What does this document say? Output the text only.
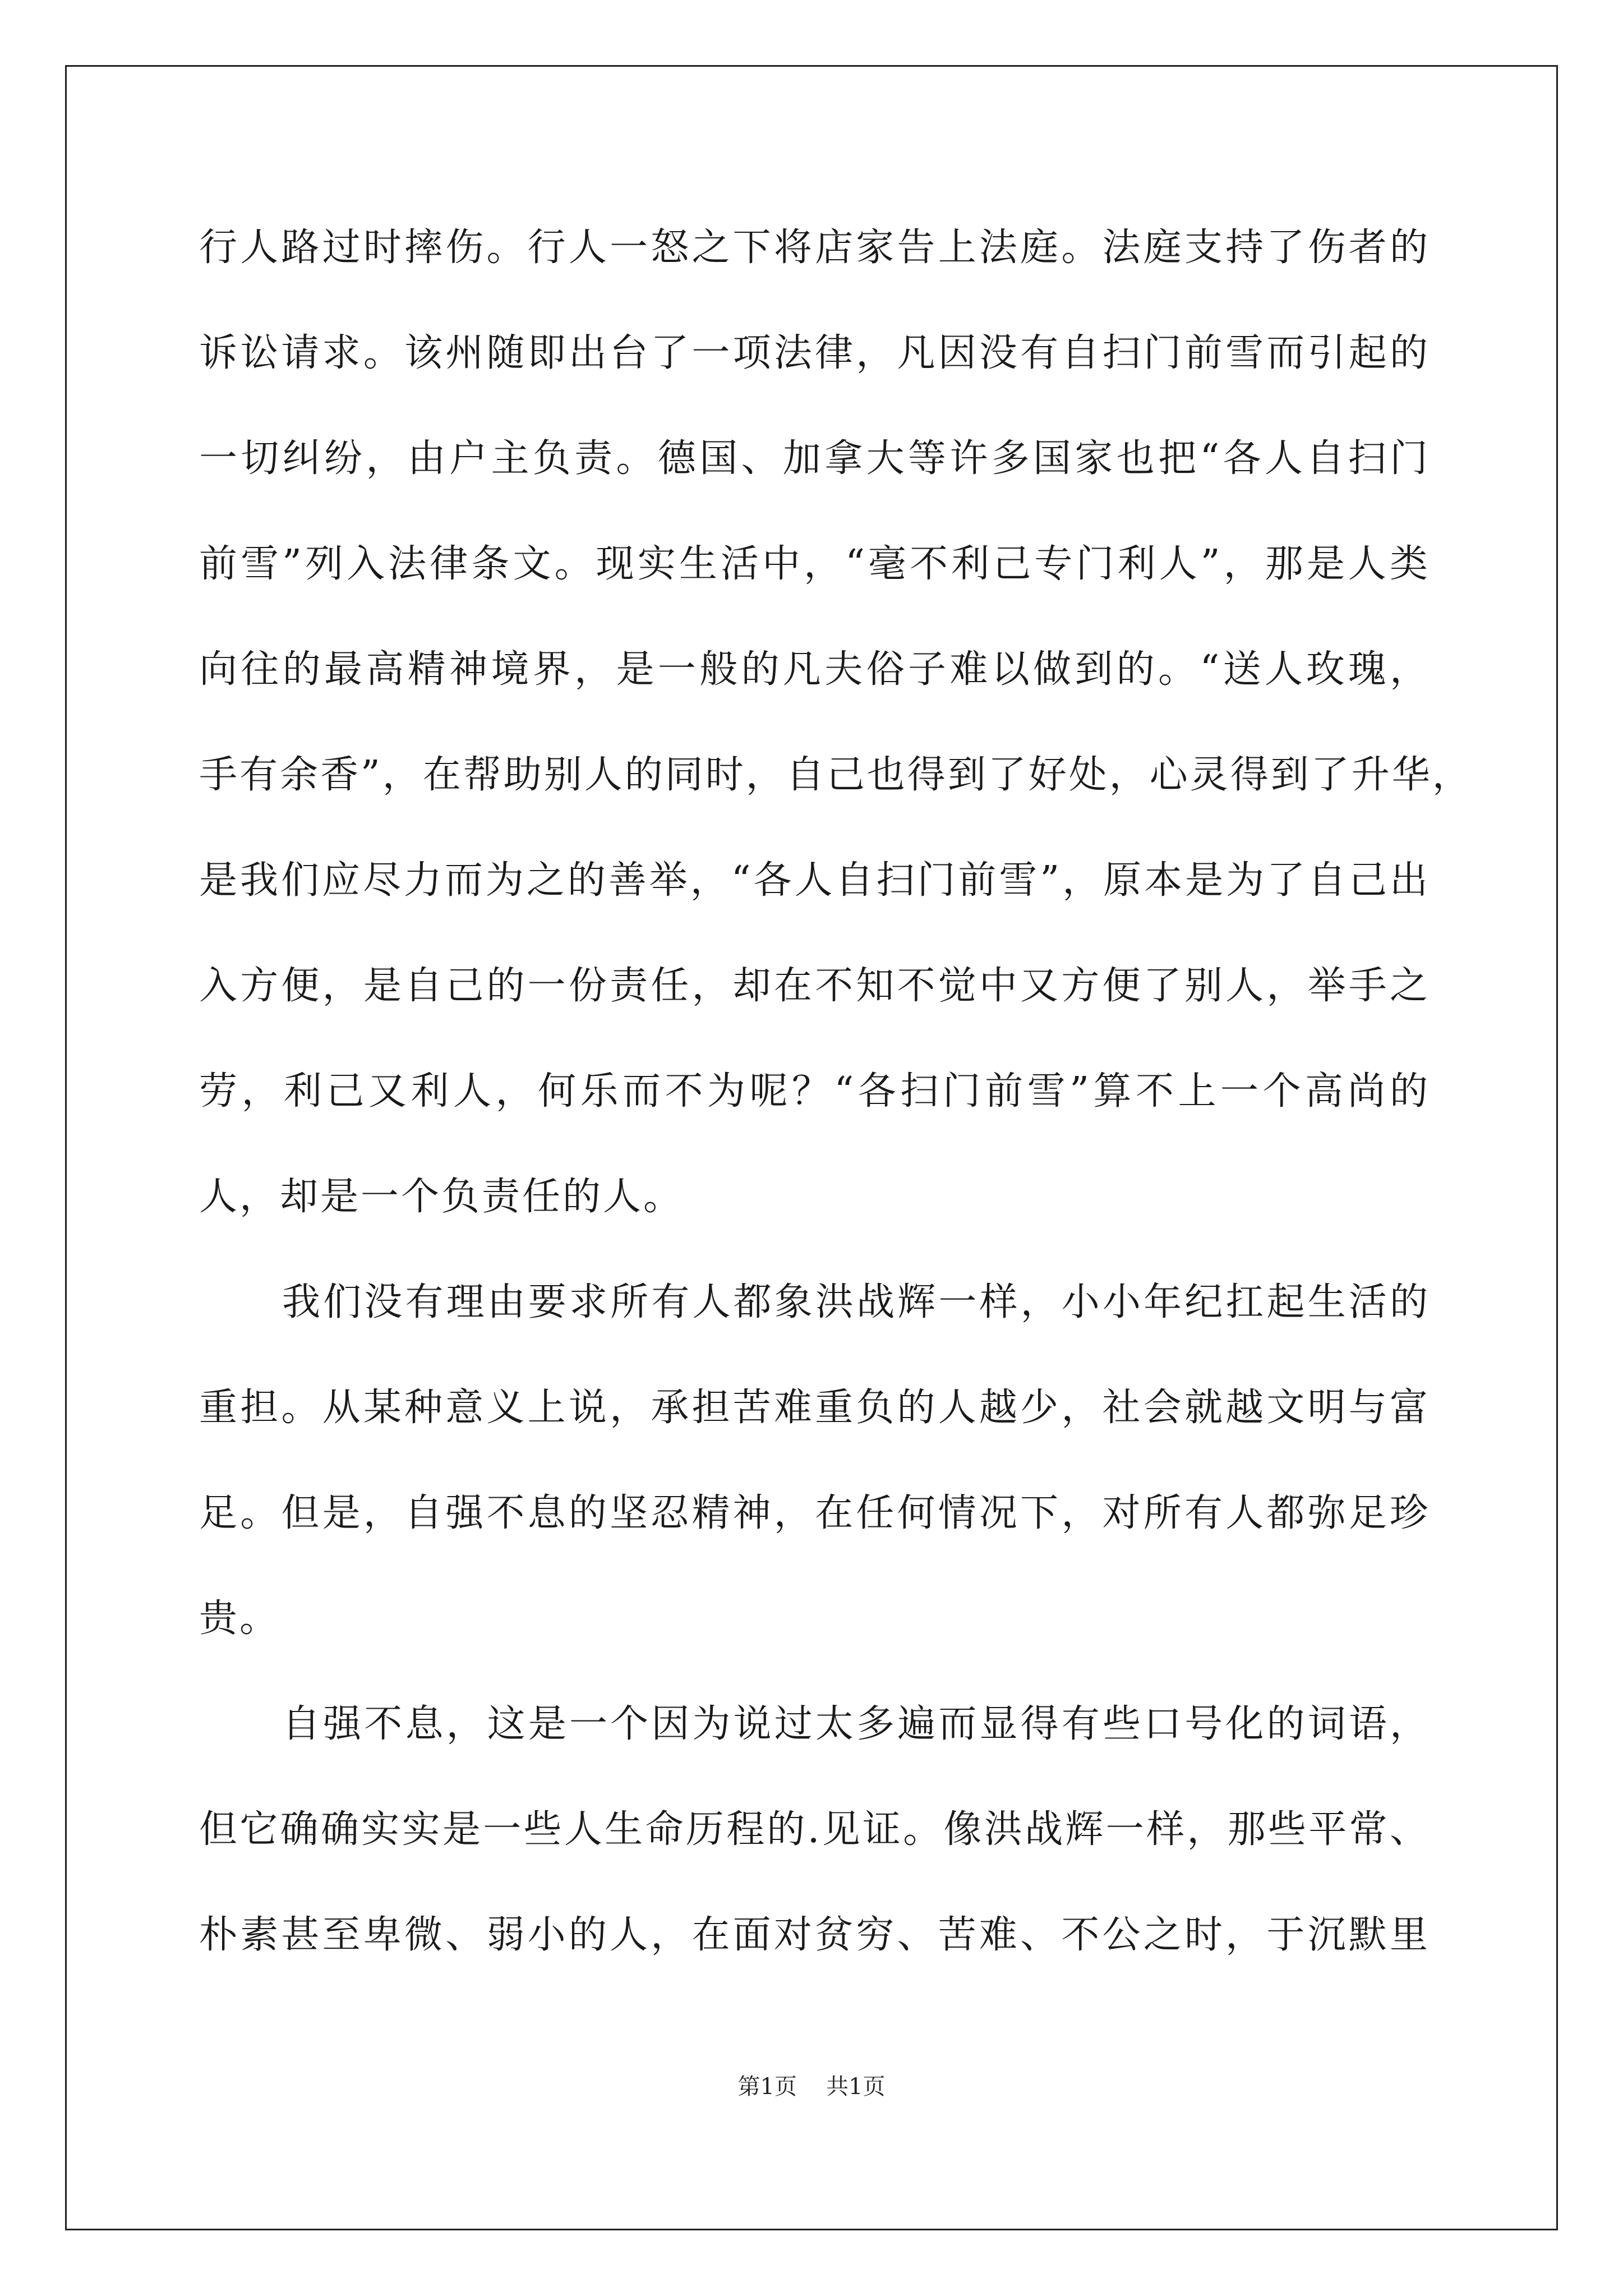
行人路过时摔伤。行人一怒之下将店家告上法庭。法庭支持了伤者的
诉讼请求。该州随即出台了一项法律，凡因没有自扫门前雪而引起的
一切纠纷，由户主负责。德国、加拿大等许多国家也把“各人自扫门
前雪”列入法律条文。现实生活中，“毫不利己专门利人”，那是人类
向往的最高精神境界，是一般的凡夫俗子难以做到的。“送人玫瑰，
手有余香”，在帮助别人的同时，自己也得到了好处，心灵得到了升华，
是我们应尽力而为之的善举，“各人自扫门前雪”，原本是为了自己出
入方便，是自己的一份责任，却在不知不觉中又方便了别人，举手之
劳，利己又利人，何乐而不为呢？“各扫门前雪”算不上一个高尚的
人，却是一个负责任的人。
我们没有理由要求所有人都象洪战辉一样，小小年纪扛起生活的
重担。从某种意义上说，承担苦难重负的人越少，社会就越文明与富
足。但是，自强不息的坚忍精神，在任何情况下，对所有人都弥足珍
贵。
自强不息，这是一个因为说过太多遍而显得有些口号化的词语，
但它确确实实是一些人生命历程的.见证。像洪战辉一样，那些平常、
朴素甚至卑微、弱小的人，在面对贫穷、苦难、不公之时，于沉默里
第1页 共1页
